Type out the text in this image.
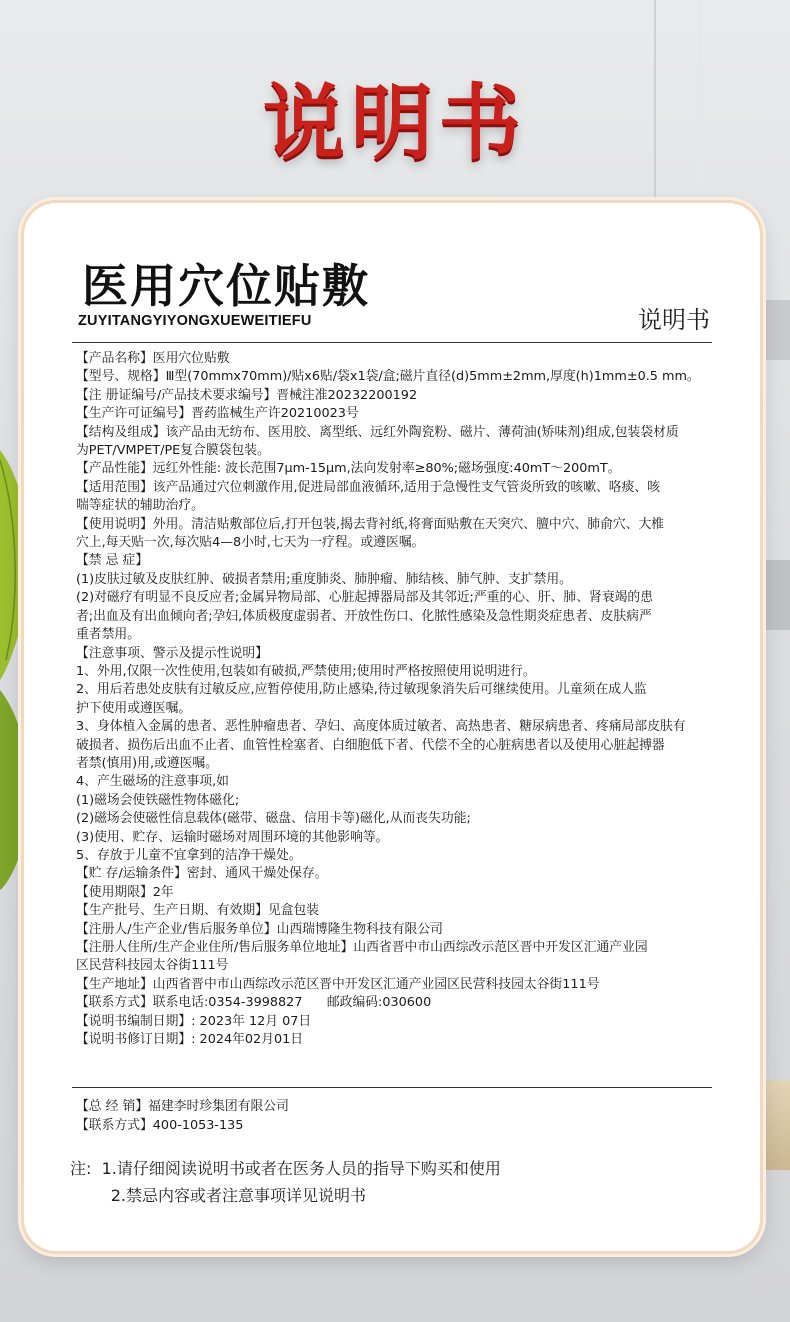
说明书
医用穴位贴敷
ZUYITANGYIYONGXUEWEITIEFU	说明书

【产品名称】医用穴位贴敷

【型号、规格】Ⅲ型(70mmx70mm)/贴x6贴/袋x1袋/盒;磁片直径(d)5mm±2mm,厚度(h)1mm±0.5 mm。

【注 册证编号/产品技术要求编号】晋械注准20232200192

【生产许可证编号】晋药监械生产许20210023号

【结构及组成】该产品由无纺布、医用胶、离型纸、远红外陶瓷粉、磁片、薄荷油(矫味剂)组成,包装袋材质

为PET/VMPET/PE复合膜袋包装。

【产品性能】远红外性能: 波长范围7μm-15μm,法向发射率≥80%;磁场强度:40mT～200mT。

【适用范围】该产品通过穴位刺激作用,促进局部血液循环,适用于急慢性支气管炎所致的咳嗽、咯痰、咳

喘等症状的辅助治疗。

【使用说明】外用。清洁贴敷部位后,打开包装,揭去背衬纸,将膏面贴敷在天突穴、膻中穴、肺俞穴、大椎

穴上,每天贴一次,每次贴4—8小时,七天为一疗程。或遵医嘱。

【禁 忌 症】

(1)皮肤过敏及皮肤红肿、破损者禁用;重度肺炎、肺肿瘤、肺结核、肺气肿、支扩禁用。

(2)对磁疗有明显不良反应者;金属异物局部、心脏起搏器局部及其邻近;严重的心、肝、肺、肾衰竭的患

者;出血及有出血倾向者;孕妇,体质极度虚弱者、开放性伤口、化脓性感染及急性期炎症患者、皮肤病严

重者禁用。

【注意事项、警示及提示性说明】

1、外用,仅限一次性使用,包装如有破损,严禁使用;使用时严格按照使用说明进行。

2、用后若患处皮肤有过敏反应,应暂停使用,防止感染,待过敏现象消失后可继续使用。儿童须在成人监

护下使用或遵医嘱。

3、身体植入金属的患者、恶性肿瘤患者、孕妇、高度体质过敏者、高热患者、糖尿病患者、疼痛局部皮肤有

破损者、损伤后出血不止者、血管性栓塞者、白细胞低下者、代偿不全的心脏病患者以及使用心脏起搏器

者禁(慎用)用,或遵医嘱。

4、产生磁场的注意事项,如

(1)磁场会使铁磁性物体磁化;

(2)磁场会使磁性信息载体(磁带、磁盘、信用卡等)磁化,从而丧失功能;

(3)使用、贮存、运输时磁场对周围环境的其他影响等。

5、存放于儿童不宜拿到的洁净干燥处。

【贮 存/运输条件】密封、通风干燥处保存。

【使用期限】2年

【生产批号、生产日期、有效期】见盒包装

【注册人/生产企业/售后服务单位】山西瑞博隆生物科技有限公司

【注册人住所/生产企业住所/售后服务单位地址】山西省晋中市山西综改示范区晋中开发区汇通产业园

区民营科技园太谷街111号

【生产地址】山西省晋中市山西综改示范区晋中开发区汇通产业园区民营科技园太谷街111号

【联系方式】联系电话:0354-3998827      邮政编码:030600

【说明书编制日期】: 2023年 12月 07日

【说明书修订日期】: 2024年02月01日

【总 经 销】福建李时珍集团有限公司

【联系方式】400-1053-135

注:  1.请仔细阅读说明书或者在医务人员的指导下购买和使用

2.禁忌内容或者注意事项详见说明书
